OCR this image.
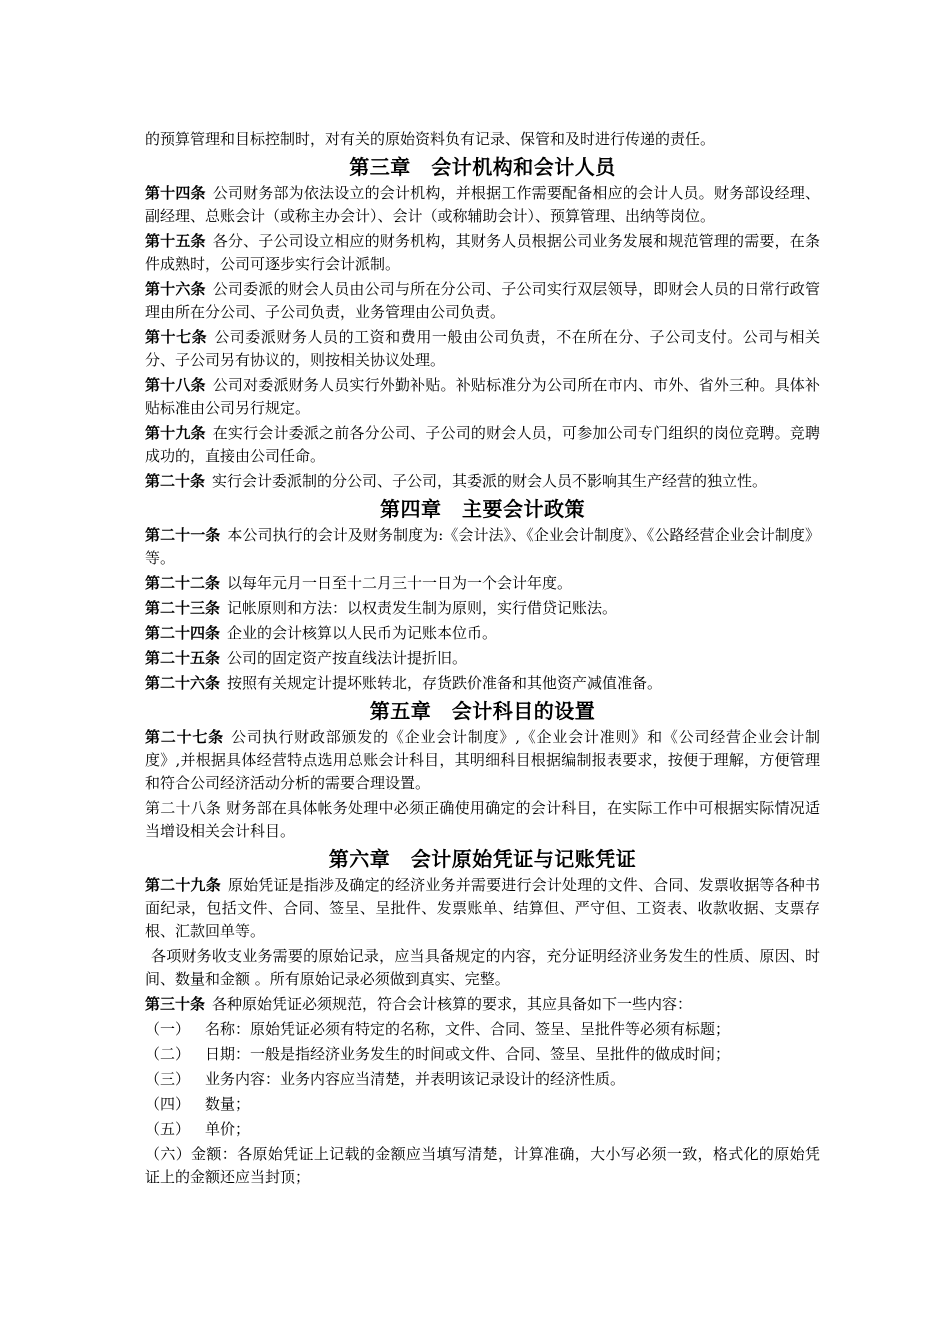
的预算管理和目标控制时，对有关的原始资料负有记录、保管和及时进行传递的责任。

第三章　会计机构和会计人员

第十四条 公司财务部为依法设立的会计机构，并根据工作需要配备相应的会计人员。财务部设经理、副经理、总账会计（或称主办会计）、会计（或称辅助会计）、预算管理、出纳等岗位。

第十五条 各分、子公司设立相应的财务机构，其财务人员根据公司业务发展和规范管理的需要，在条件成熟时，公司可逐步实行会计派制。

第十六条 公司委派的财会人员由公司与所在分公司、子公司实行双层领导，即财会人员的日常行政管理由所在分公司、子公司负责，业务管理由公司负责。

第十七条 公司委派财务人员的工资和费用一般由公司负责，不在所在分、子公司支付。公司与相关分、子公司另有协议的，则按相关协议处理。

第十八条 公司对委派财务人员实行外勤补贴。补贴标准分为公司所在市内、市外、省外三种。具体补贴标准由公司另行规定。

第十九条 在实行会计委派之前各分公司、子公司的财会人员，可参加公司专门组织的岗位竞聘。竞聘成功的，直接由公司任命。

第二十条 实行会计委派制的分公司、子公司，其委派的财会人员不影响其生产经营的独立性。

第四章　主要会计政策

第二十一条 本公司执行的会计及财务制度为:《会计法》、《企业会计制度》、《公路经营企业会计制度》等。

第二十二条 以每年元月一日至十二月三十一日为一个会计年度。

第二十三条 记帐原则和方法：以权责发生制为原则，实行借贷记账法。

第二十四条 企业的会计核算以人民币为记账本位币。

第二十五条 公司的固定资产按直线法计提折旧。

第二十六条 按照有关规定计提坏账转北，存货跌价准备和其他资产减值准备。

第五章　会计科目的设置

第二十七条 公司执行财政部颁发的《企业会计制度》,《企业会计准则》和《公司经营企业会计制度》,并根据具体经营特点选用总账会计科目，其明细科目根据编制报表要求，按便于理解，方便管理和符合公司经济活动分析的需要合理设置。

第二十八条 财务部在具体帐务处理中必须正确使用确定的会计科目，在实际工作中可根据实际情况适当增设相关会计科目。

第六章　会计原始凭证与记账凭证

第二十九条 原始凭证是指涉及确定的经济业务并需要进行会计处理的文件、合同、发票收据等各种书面纪录，包括文件、合同、签呈、呈批件、发票账单、结算但、严守但、工资表、收款收据、支票存根、汇款回单等。

各项财务收支业务需要的原始记录，应当具备规定的内容，充分证明经济业务发生的性质、原因、时间、数量和金额 。所有原始记录必须做到真实、完整。

第三十条 各种原始凭证必须规范，符合会计核算的要求，其应具备如下一些内容：

（一） 名称：原始凭证必须有特定的名称，文件、合同、签呈、呈批件等必须有标题；

（二） 日期：一般是指经济业务发生的时间或文件、合同、签呈、呈批件的做成时间；

（三） 业务内容：业务内容应当清楚，并表明该记录设计的经济性质。

（四） 数量；

（五） 单价；

（六）金额：各原始凭证上记载的金额应当填写清楚，计算准确，大小写必须一致，格式化的原始凭证上的金额还应当封顶；
